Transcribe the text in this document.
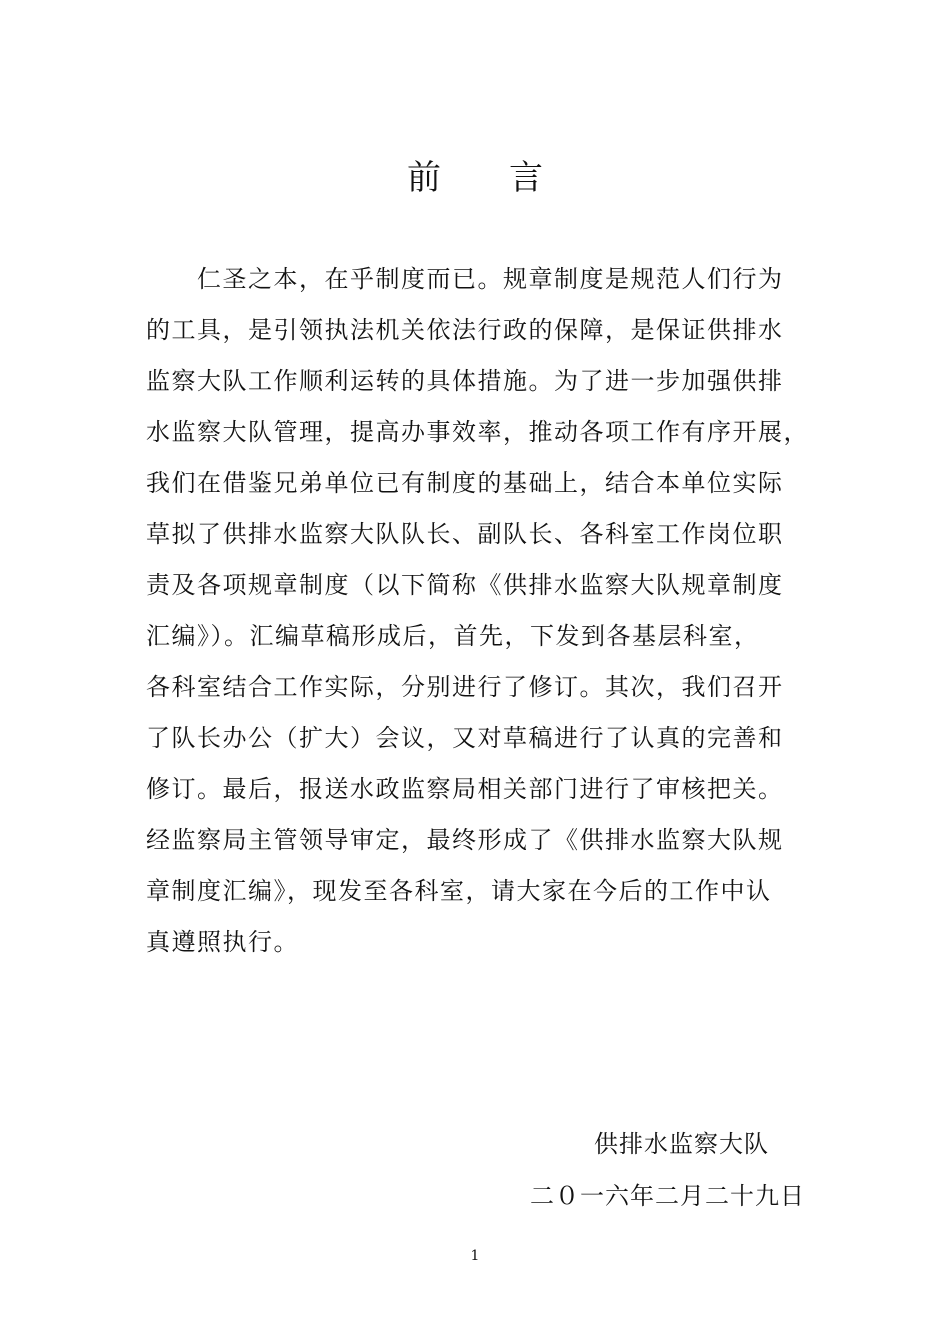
前 言
　　仁圣之本，在乎制度而已。规章制度是规范人们行为
的工具，是引领执法机关依法行政的保障，是保证供排水
监察大队工作顺利运转的具体措施。为了进一步加强供排
水监察大队管理，提高办事效率，推动各项工作有序开展，
我们在借鉴兄弟单位已有制度的基础上，结合本单位实际
草拟了供排水监察大队队长、副队长、各科室工作岗位职
责及各项规章制度（以下简称《供排水监察大队规章制度
汇编》）。汇编草稿形成后，首先，下发到各基层科室，
各科室结合工作实际，分别进行了修订。其次，我们召开
了队长办公（扩大）会议，又对草稿进行了认真的完善和
修订。最后，报送水政监察局相关部门进行了审核把关。
经监察局主管领导审定，最终形成了《供排水监察大队规
章制度汇编》，现发至各科室，请大家在今后的工作中认
真遵照执行。
供排水监察大队
二０一六年二月二十九日
1
